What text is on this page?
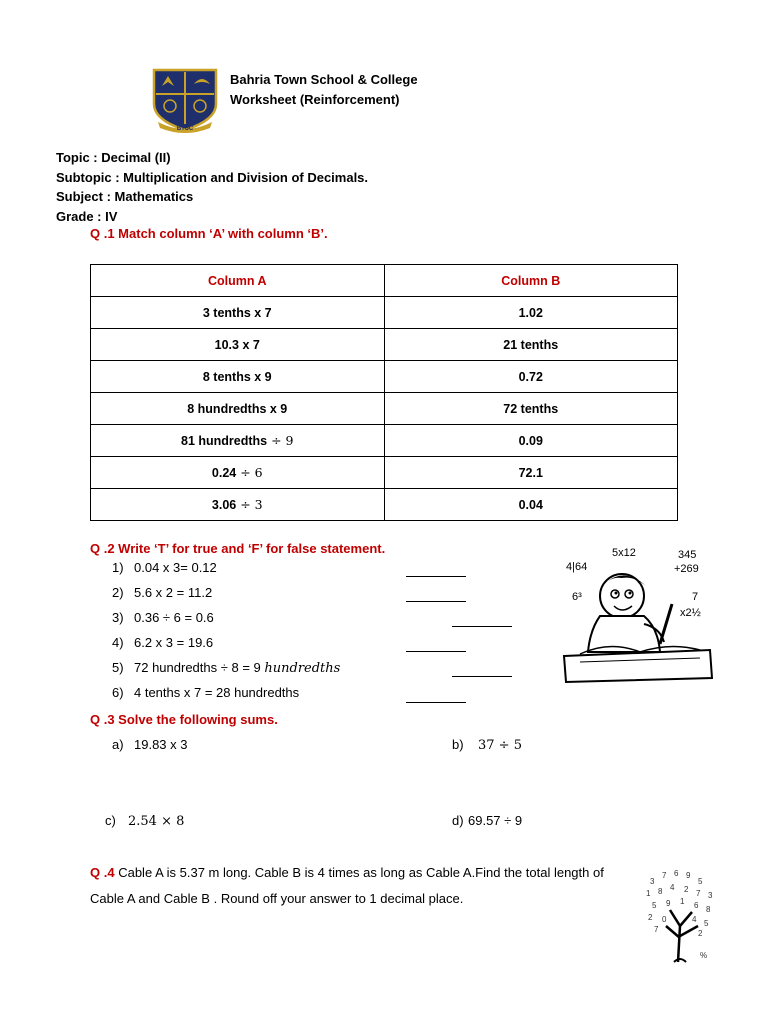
BTSC
Bahria Town School & College
Worksheet (Reinforcement)
Topic : Decimal (II)
Subtopic : Multiplication and Division of Decimals.
Subject : Mathematics
Grade : IV
Q .1 Match column ‘A’ with column ‘B’.
Column A	Column B
3 tenths x 7	1.02
10.3 x 7	21 tenths
8 tenths x 9	0.72
8 hundredths x 9	72 tenths
81 hundredths ÷ 9	0.09
0.24 ÷ 6	72.1
3.06 ÷ 3	0.04
Q .2 Write ‘T’ for true and ‘F’ for false statement.
1) 0.04 x 3= 0.12
2) 5.6 x 2 = 11.2
3) 0.36 ÷ 6 = 0.6
4) 6.2 x 3 = 19.6
5) 72 hundredths ÷ 8 = 9 hundredths
6) 4 tenths x 7 = 28 hundredths
4|64
5x12	345
+269
6³	7
x2½
Q .3 Solve the following sums.
a) 19.83 x 3	b) 37 ÷ 5
c) 2.54 × 8	d) 69.57 ÷ 9
Q .4 Cable A is 5.37 m long. Cable B is 4 times as long as Cable A.Find the total length of Cable A and Cable B . Round off your answer to 1 decimal place.
3
7 6 9
5
1 8 4 2 7 3
5 9 1 6 8
2 0	4 5
7	2
%
